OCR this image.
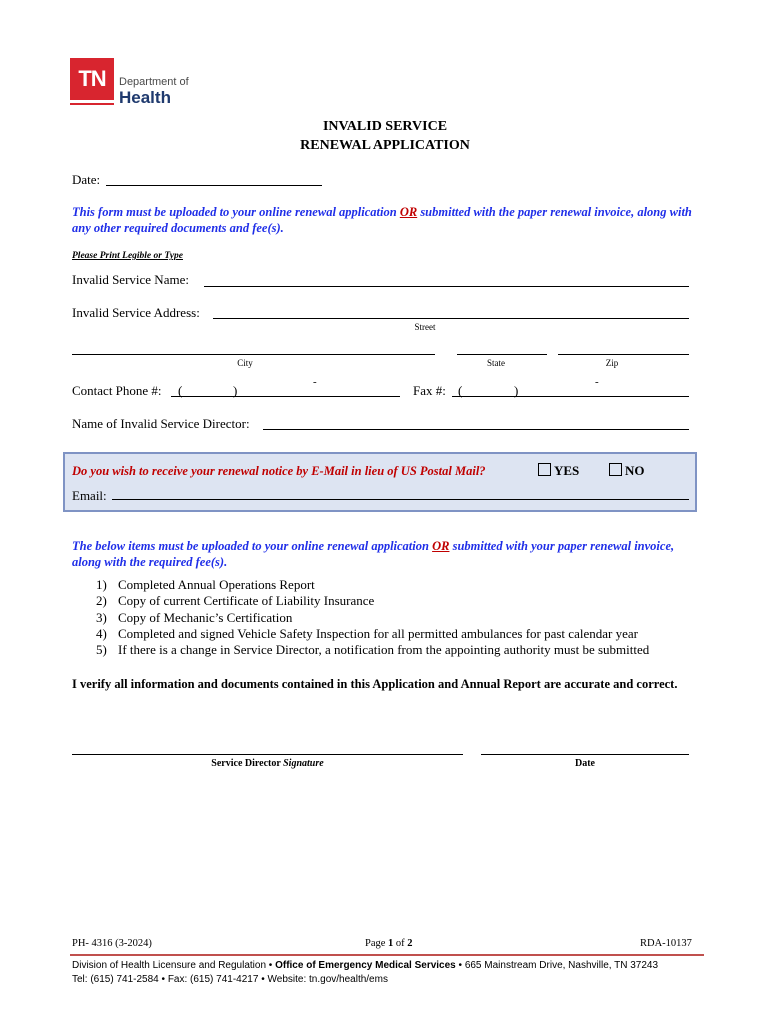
TN	Department of
Health
INVALID SERVICE
RENEWAL APPLICATION
Date:
This form must be uploaded to your online renewal application OR submitted with the paper renewal invoice, along with any other required documents and fee(s).
Please Print Legible or Type
Invalid Service Name:
Invalid Service Address:
Street
City	State	Zip
Contact Phone #: (	)
-
Fax #: (	)
-
Name of Invalid Service Director:
Do you wish to receive your renewal notice by E-Mail in lieu of US Postal Mail?	YES	NO
Email:
The below items must be uploaded to your online renewal application OR submitted with your paper renewal invoice, along with the required fee(s).
1) Completed Annual Operations Report
2) Copy of current Certificate of Liability Insurance
3) Copy of Mechanic’s Certification
4) Completed and signed Vehicle Safety Inspection for all permitted ambulances for past calendar year
5) If there is a change in Service Director, a notification from the appointing authority must be submitted
I verify all information and documents contained in this Application and Annual Report are accurate and correct.
Service Director Signature	Date
PH- 4316 (3-2024)	Page 1 of 2	RDA-10137
Division of Health Licensure and Regulation • Office of Emergency Medical Services • 665 Mainstream Drive, Nashville, TN 37243
Tel: (615) 741-2584 • Fax: (615) 741-4217 • Website: tn.gov/health/ems
